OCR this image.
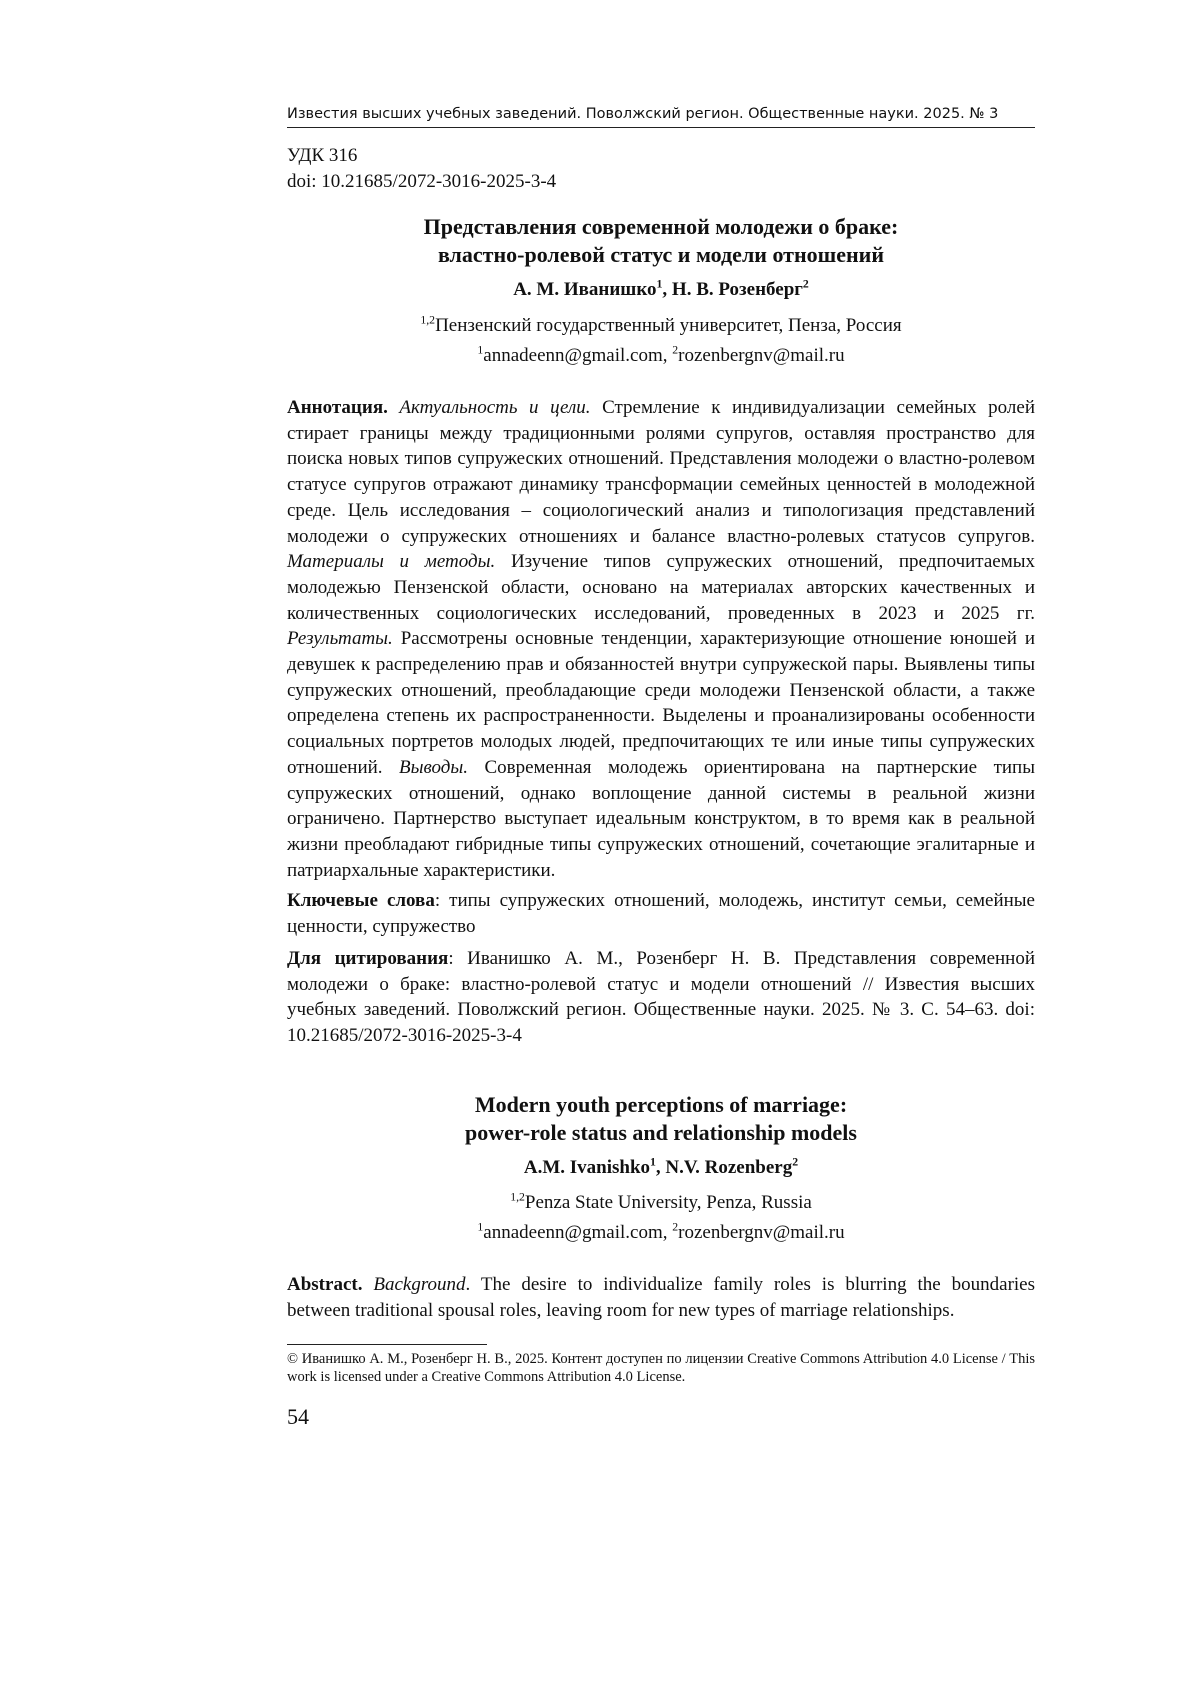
Известия высших учебных заведений. Поволжский регион. Общественные науки. 2025. № 3
УДК 316
doi: 10.21685/2072-3016-2025-3-4
Представления современной молодежи о браке:
властно-ролевой статус и модели отношений
А. М. Иванишко$^1$, Н. В. Розенберг$^2$
$^{1,2}$Пензенский государственный университет, Пенза, Россия
$^1$annadeenn@gmail.com, $^2$rozenbergnv@mail.ru
Аннотация. Актуальность и цели. Стремление к индивидуализации семейных ролей стирает границы между традиционными ролями супругов, оставляя пространство для поиска новых типов супружеских отношений. Представления молодежи о властно-ролевом статусе супругов отражают динамику трансформации семейных ценностей в молодежной среде. Цель исследования – социологический анализ и типологизация представлений молодежи о супружеских отношениях и балансе властно-ролевых статусов супругов. Материалы и методы. Изучение типов супружеских отношений, предпочитаемых молодежью Пензенской области, основано на материалах авторских качественных и количественных социологических исследований, проведенных в 2023 и 2025 гг. Результаты. Рассмотрены основные тенденции, характеризующие отношение юношей и девушек к распределению прав и обязанностей внутри супружеской пары. Выявлены типы супружеских отношений, преобладающие среди молодежи Пензенской области, а также определена степень их распространенности. Выделены и проанализированы особенности социальных портретов молодых людей, предпочитающих те или иные типы супружеских отношений. Выводы. Современная молодежь ориентирована на партнерские типы супружеских отношений, однако воплощение данной системы в реальной жизни ограничено. Партнерство выступает идеальным конструктом, в то время как в реальной жизни преобладают гибридные типы супружеских отношений, сочетающие эгалитарные и патриархальные характеристики.
Ключевые слова: типы супружеских отношений, молодежь, институт семьи, семейные ценности, супружество
Для цитирования: Иванишко А. М., Розенберг Н. В. Представления современной молодежи о браке: властно-ролевой статус и модели отношений // Известия высших учебных заведений. Поволжский регион. Общественные науки. 2025. № 3. С. 54–63. doi: 10.21685/2072-3016-2025-3-4
Modern youth perceptions of marriage:
power-role status and relationship models
A.M. Ivanishko$^1$, N.V. Rozenberg$^2$
$^{1,2}$Penza State University, Penza, Russia
$^1$annadeenn@gmail.com, $^2$rozenbergnv@mail.ru
Abstract. Background. The desire to individualize family roles is blurring the boundaries between traditional spousal roles, leaving room for new types of marriage relationships.
© Иванишко А. М., Розенберг Н. В., 2025. Контент доступен по лицензии Creative Commons Attribution 4.0 License / This work is licensed under a Creative Commons Attribution 4.0 License.
54
